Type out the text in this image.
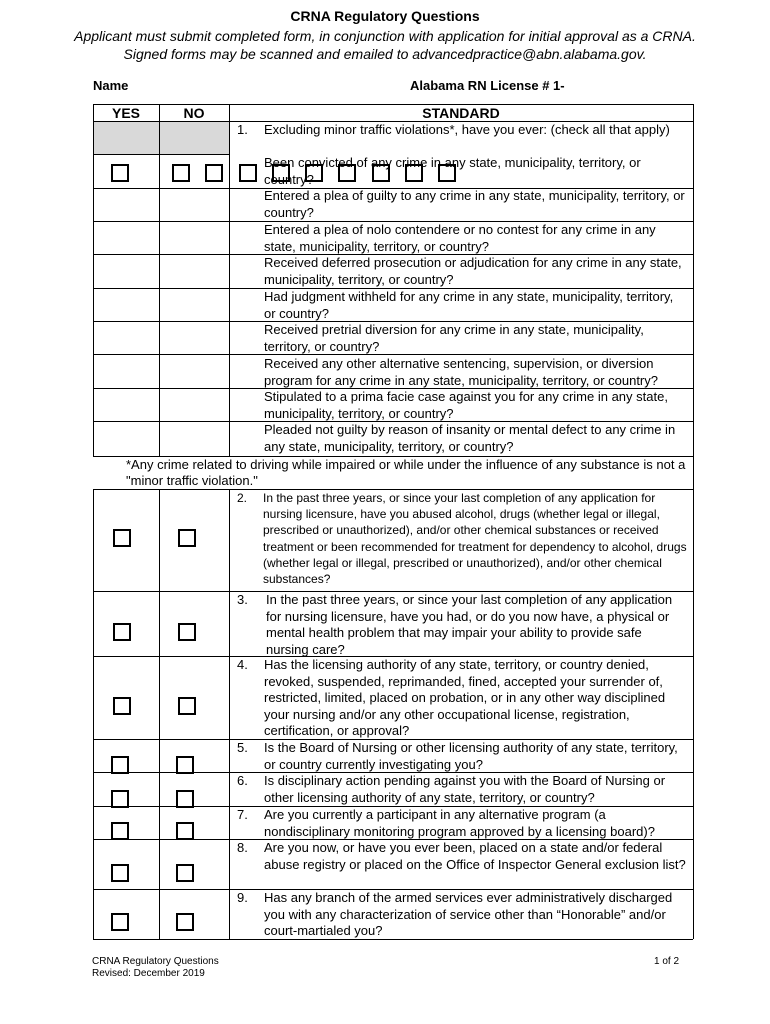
CRNA Regulatory Questions
Applicant must submit completed form, in conjunction with application for initial approval as a CRNA. Signed forms may be scanned and emailed to advancedpractice@abn.alabama.gov.
Name	Alabama RN License # 1-
YES	NO	STANDARD
1.	Excluding minor traffic violations*, have you ever: (check all that apply)
*Any crime related to driving while impaired or while under the influence of any substance is not a "minor traffic violation."
Been convicted of any crime in any state, municipality, territory, or country?
Entered a plea of guilty to any crime in any state, municipality, territory, or country?
Entered a plea of nolo contendere or no contest for any crime in any state, municipality, territory, or country?
Received deferred prosecution or adjudication for any crime in any state, municipality, territory, or country?
Had judgment withheld for any crime in any state, municipality, territory, or country?
Received pretrial diversion for any crime in any state, municipality, territory, or country?
Received any other alternative sentencing, supervision, or diversion program for any crime in any state, municipality, territory, or country?
Stipulated to a prima facie case against you for any crime in any state, municipality, territory, or country?
Pleaded not guilty by reason of insanity or mental defect to any crime in any state, municipality, territory, or country?
2.	In the past three years, or since your last completion of any application for nursing licensure, have you abused alcohol, drugs (whether legal or illegal, prescribed or unauthorized), and/or other chemical substances or received treatment or been recommended for treatment for dependency to alcohol, drugs (whether legal or illegal, prescribed or unauthorized), and/or other chemical substances?
3.	In the past three years, or since your last completion of any application for nursing licensure, have you had, or do you now have, a physical or mental health problem that may impair your ability to provide safe nursing care?
4.	Has the licensing authority of any state, territory, or country denied, revoked, suspended, reprimanded, fined, accepted your surrender of, restricted, limited, placed on probation, or in any other way disciplined your nursing and/or any other occupational license, registration, certification, or approval?
5.	Is the Board of Nursing or other licensing authority of any state, territory, or country currently investigating you?
6.	Is disciplinary action pending against you with the Board of Nursing or other licensing authority of any state, territory, or country?
7.	Are you currently a participant in any alternative program (a nondisciplinary monitoring program approved by a licensing board)?
8.	Are you now, or have you ever been, placed on a state and/or federal abuse registry or placed on the Office of Inspector General exclusion list?
9.	Has any branch of the armed services ever administratively discharged you with any characterization of service other than “Honorable” and/or court-martialed you?
CRNA Regulatory Questions
Revised: December 2019
1 of 2
